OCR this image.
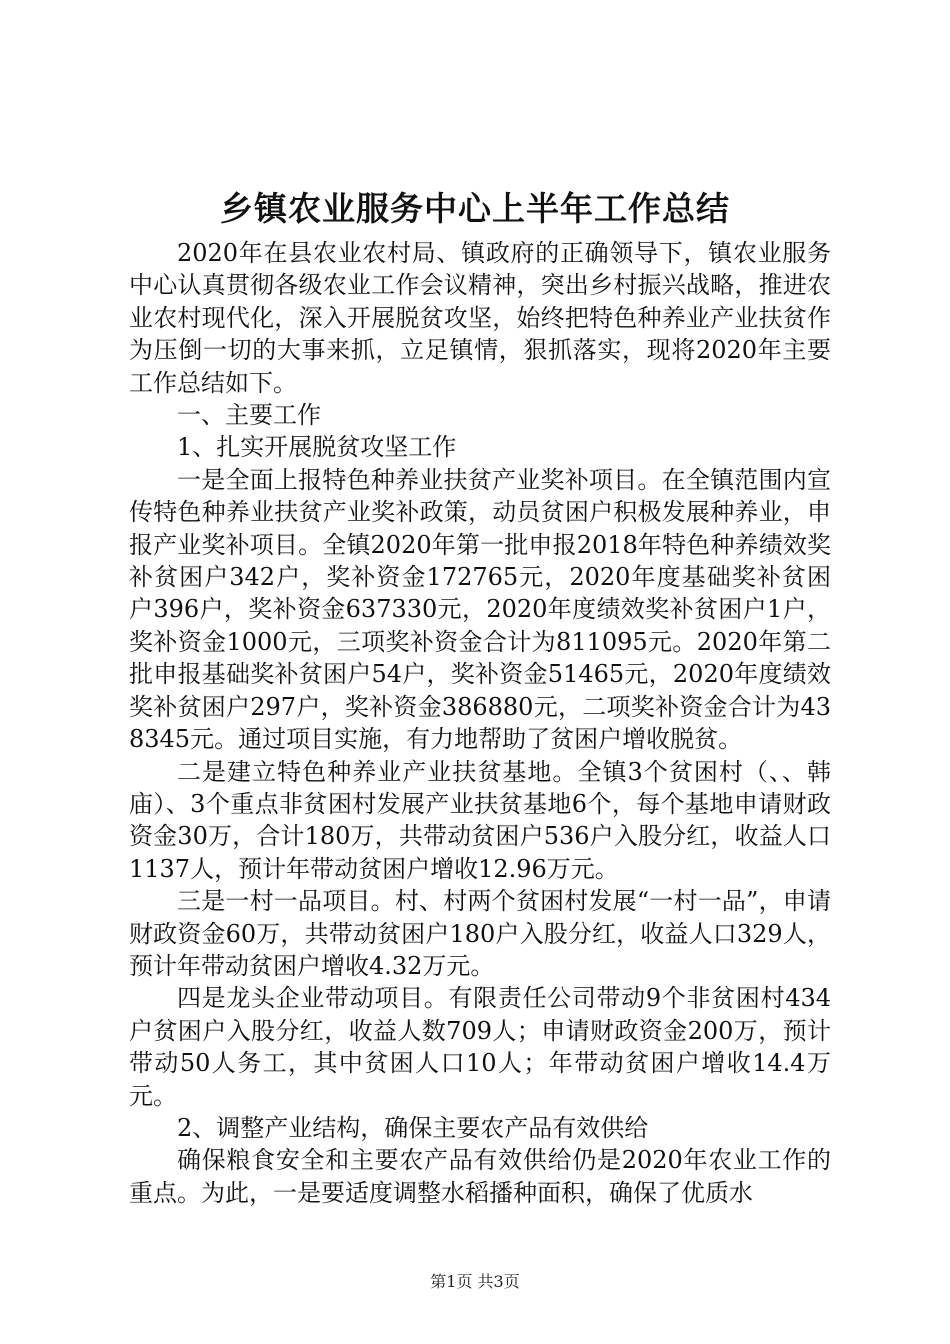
乡镇农业服务中心上半年工作总结

2020年在县农业农村局、镇政府的正确领导下，镇农业服务中心认真贯彻各级农业工作会议精神，突出乡村振兴战略，推进农业农村现代化，深入开展脱贫攻坚，始终把特色种养业产业扶贫作为压倒一切的大事来抓，立足镇情，狠抓落实，现将2020年主要工作总结如下。

一、主要工作

1、扎实开展脱贫攻坚工作

一是全面上报特色种养业扶贫产业奖补项目。在全镇范围内宣传特色种养业扶贫产业奖补政策，动员贫困户积极发展种养业，申报产业奖补项目。全镇2020年第一批申报2018年特色种养绩效奖补贫困户342户，奖补资金172765元，2020年度基础奖补贫困户396户，奖补资金637330元，2020年度绩效奖补贫困户1户，奖补资金1000元，三项奖补资金合计为811095元。2020年第二批申报基础奖补贫困户54户，奖补资金51465元，2020年度绩效奖补贫困户297户，奖补资金386880元，二项奖补资金合计为438345元。通过项目实施，有力地帮助了贫困户增收脱贫。

二是建立特色种养业产业扶贫基地。全镇3个贫困村（、、韩庙）、3个重点非贫困村发展产业扶贫基地6个，每个基地申请财政资金30万，合计180万，共带动贫困户536户入股分红，收益人口1137人，预计年带动贫困户增收12.96万元。

三是一村一品项目。村、村两个贫困村发展“一村一品”，申请财政资金60万，共带动贫困户180户入股分红，收益人口329人，预计年带动贫困户增收4.32万元。

四是龙头企业带动项目。有限责任公司带动9个非贫困村434户贫困户入股分红，收益人数709人；申请财政资金200万，预计带动50人务工，其中贫困人口10人；年带动贫困户增收14.4万元。

2、调整产业结构，确保主要农产品有效供给

确保粮食安全和主要农产品有效供给仍是2020年农业工作的重点。为此，一是要适度调整水稻播种面积，确保了优质水

第1页 共3页
